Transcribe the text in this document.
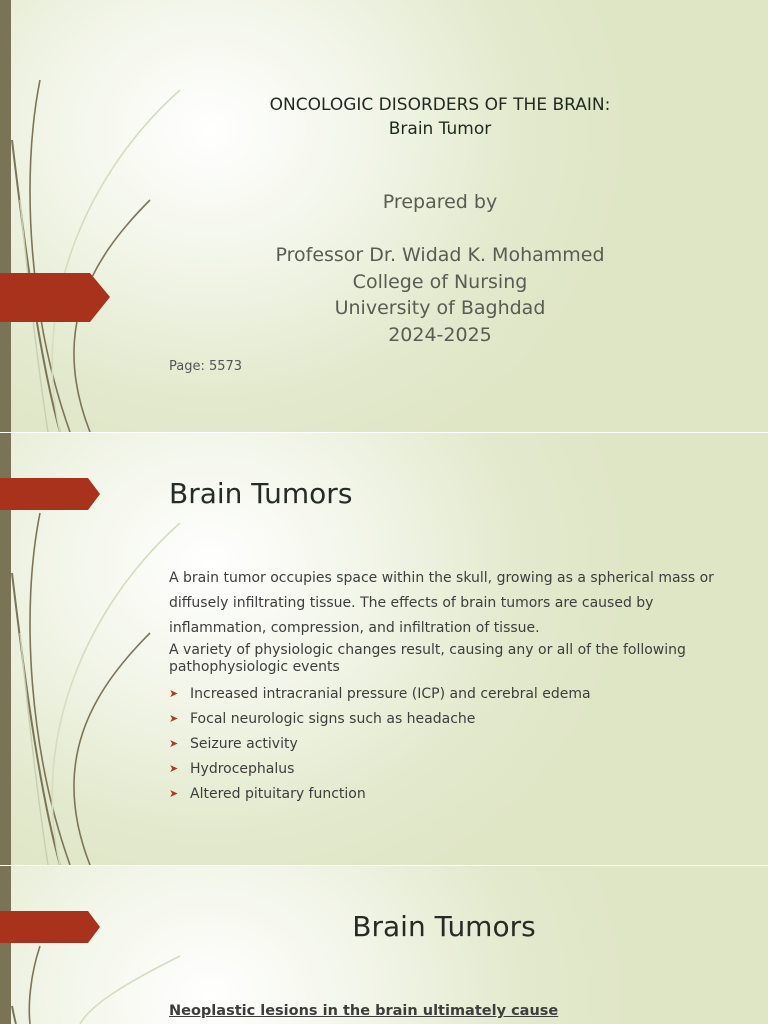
ONCOLOGIC DISORDERS OF THE BRAIN:
Brain Tumor
Prepared by
Professor Dr. Widad K. Mohammed
College of Nursing
University of Baghdad
2024-2025
Page: 5573
Brain Tumors

A brain tumor occupies space within the skull, growing as a spherical mass or diffusely infiltrating tissue. The effects of brain tumors are caused by inflammation, compression, and infiltration of tissue.

A variety of physiologic changes result, causing any or all of the following pathophysiologic events

➤ Increased intracranial pressure (ICP) and cerebral edema
➤ Focal neurologic signs such as headache
➤ Seizure activity
➤ Hydrocephalus
➤ Altered pituitary function
Brain Tumors
Neoplastic lesions in the brain ultimately cause
